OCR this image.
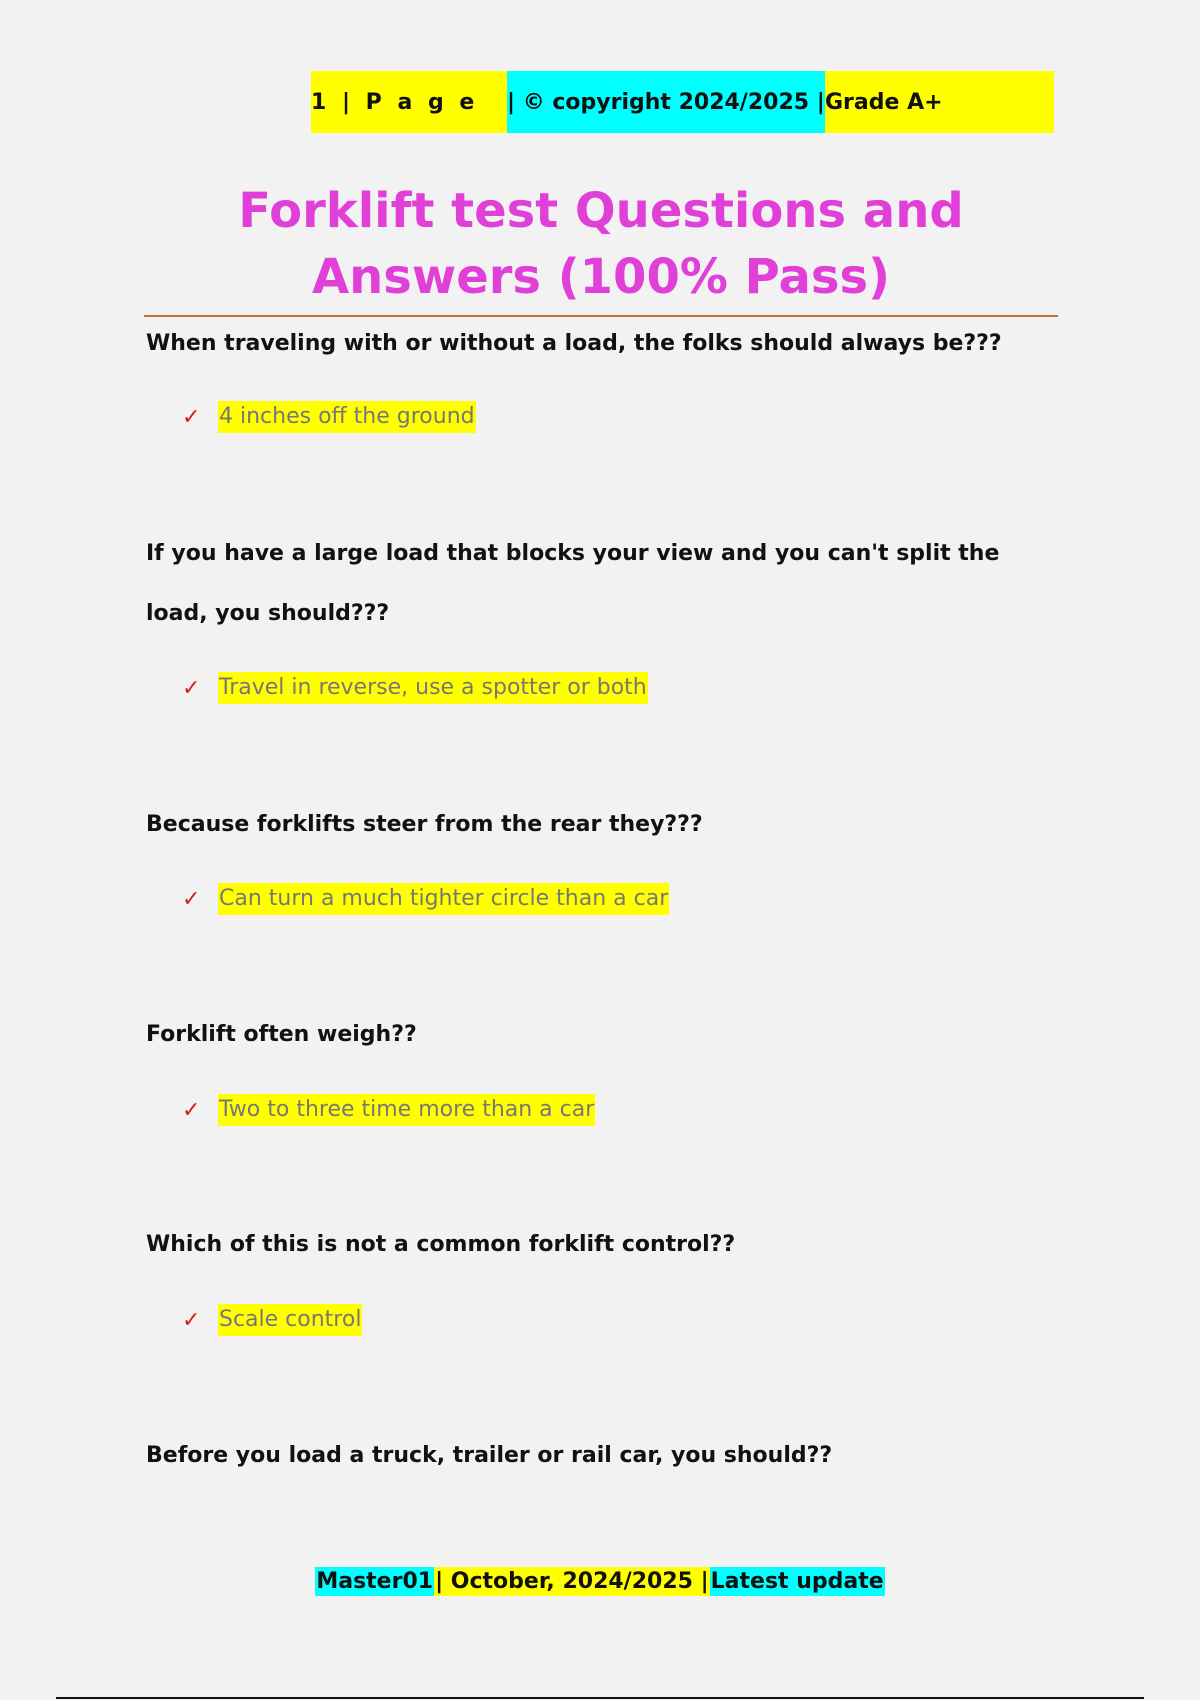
1 | P a g e	| © copyright 2024/2025 | Grade A+
Forklift test Questions and Answers (100% Pass)
When traveling with or without a load, the folks should always be???
✓ 4 inches off the ground
If you have a large load that blocks your view and you can't split the load, you should???
✓ Travel in reverse, use a spotter or both
Because forklifts steer from the rear they???
✓ Can turn a much tighter circle than a car
Forklift often weigh??
✓ Two to three time more than a car
Which of this is not a common forklift control??
✓ Scale control
Before you load a truck, trailer or rail car, you should??
Master01 | October, 2024/2025 | Latest update
